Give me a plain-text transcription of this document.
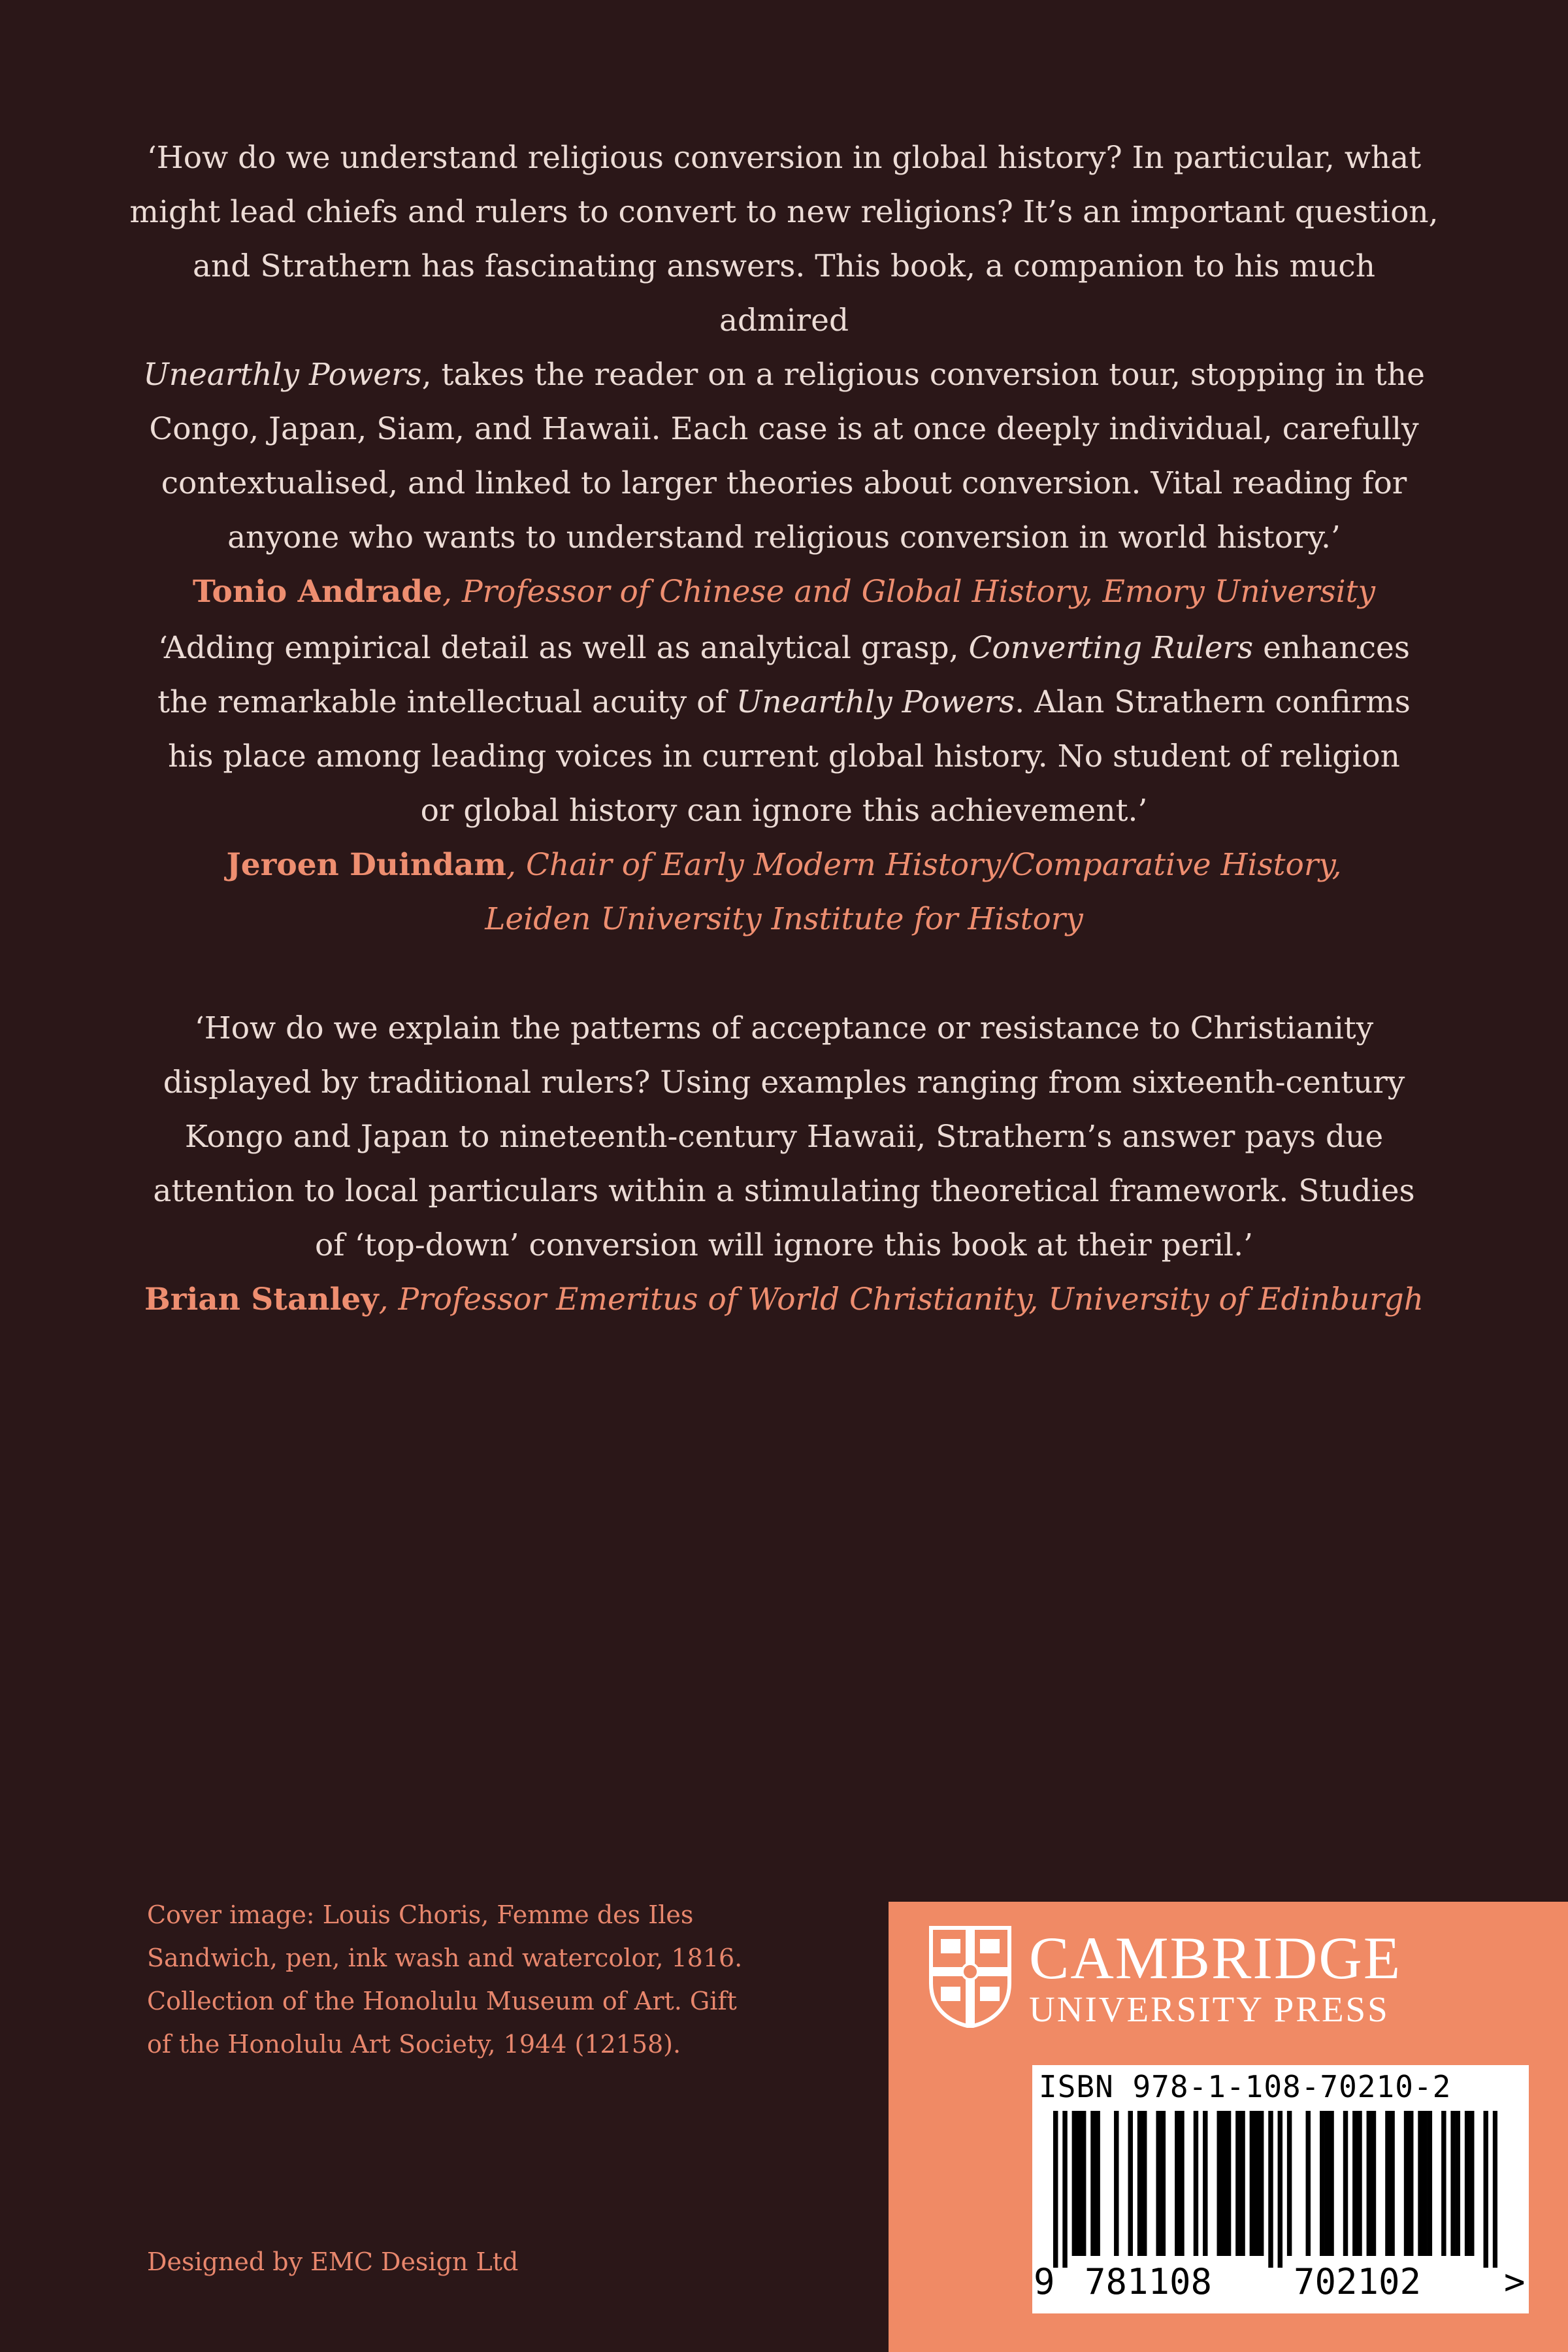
‘How do we understand religious conversion in global history? In particular, what

might lead chiefs and rulers to convert to new religions? It’s an important question,

and Strathern has fascinating answers. This book, a companion to his much admired

Unearthly Powers, takes the reader on a religious conversion tour, stopping in the

Congo, Japan, Siam, and Hawaii. Each case is at once deeply individual, carefully

contextualised, and linked to larger theories about conversion. Vital reading for

anyone who wants to understand religious conversion in world history.’

Tonio Andrade, Professor of Chinese and Global History, Emory University

‘Adding empirical detail as well as analytical grasp, Converting Rulers enhances

the remarkable intellectual acuity of Unearthly Powers. Alan Strathern confirms

his place among leading voices in current global history. No student of religion

or global history can ignore this achievement.’

Jeroen Duindam, Chair of Early Modern History/Comparative History,

Leiden University Institute for History

‘How do we explain the patterns of acceptance or resistance to Christianity

displayed by traditional rulers? Using examples ranging from sixteenth-century

Kongo and Japan to nineteenth-century Hawaii, Strathern’s answer pays due

attention to local particulars within a stimulating theoretical framework. Studies

of ‘top-down’ conversion will ignore this book at their peril.’

Brian Stanley, Professor Emeritus of World Christianity, University of Edinburgh

Cover image: Louis Choris, Femme des Iles

Sandwich, pen, ink wash and watercolor, 1816.

Collection of the Honolulu Museum of Art. Gift

of the Honolulu Art Society, 1944 (12158).

Designed by EMC Design Ltd

CAMBRIDGE
UNIVERSITY PRESS
ISBN 978-1-108-70210-2
9 781108 702102 >
